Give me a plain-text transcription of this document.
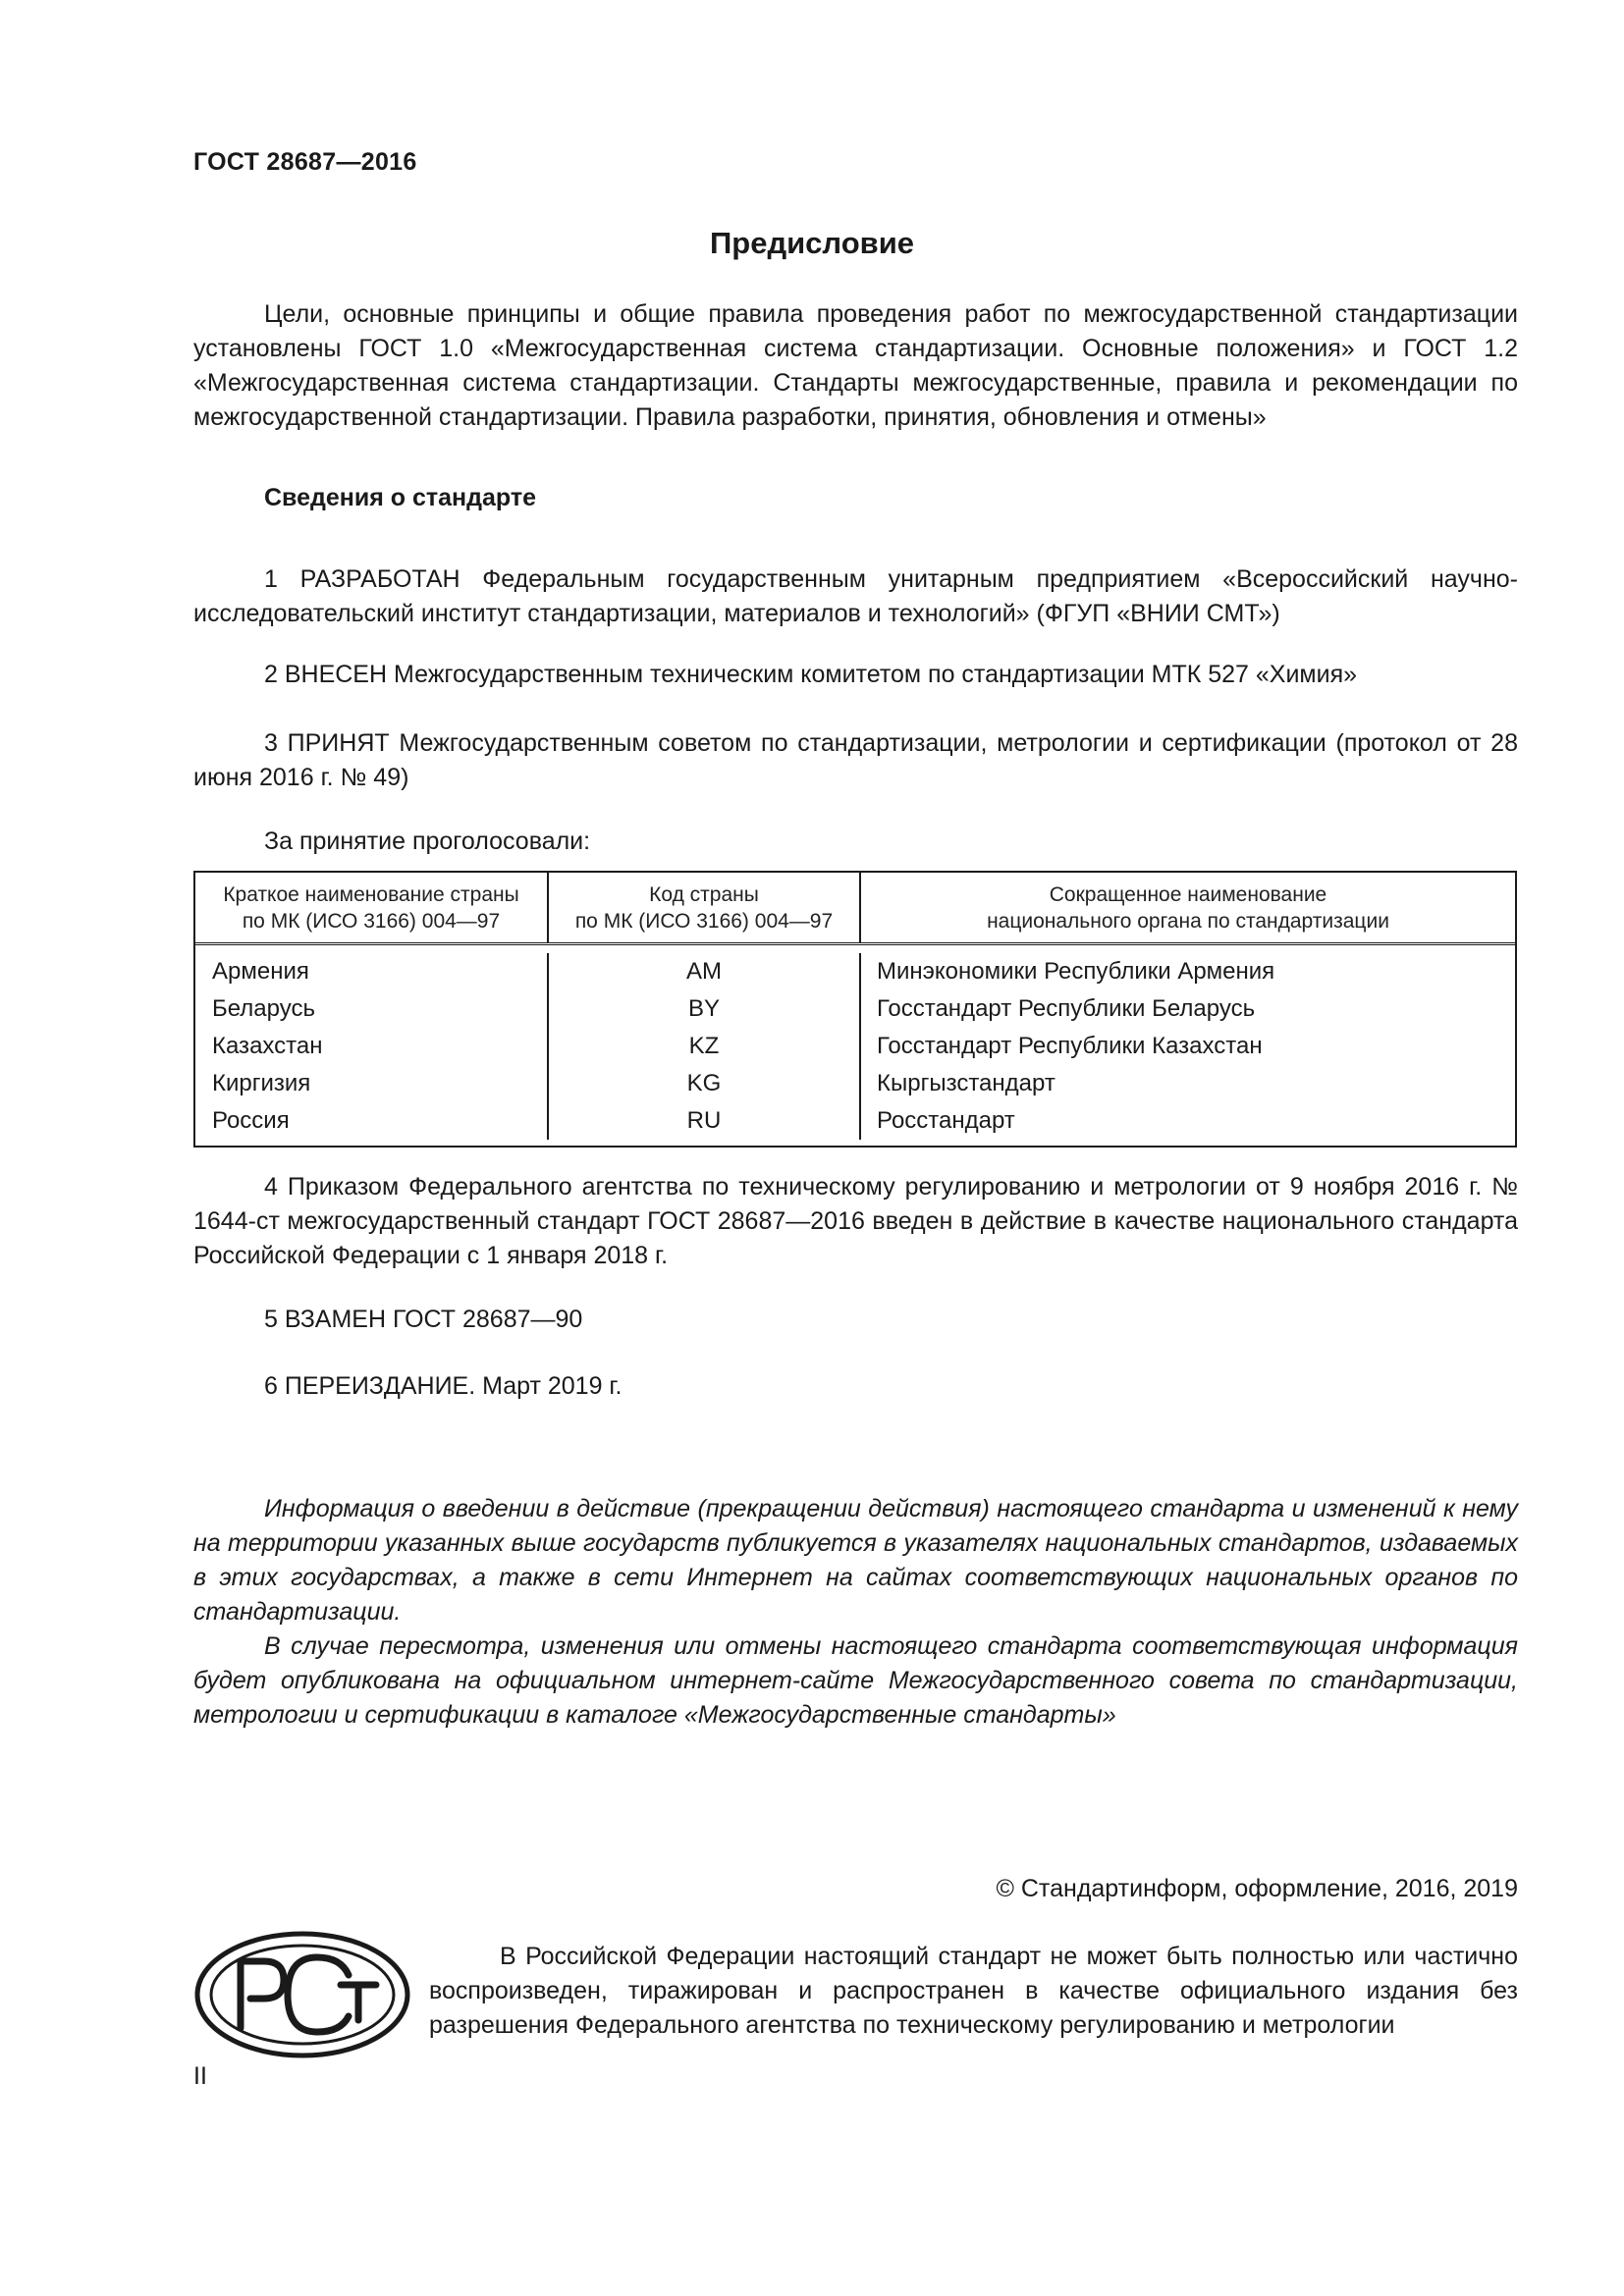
ГОСТ 28687—2016
Предисловие
Цели, основные принципы и общие правила проведения работ по межгосударственной стандартизации установлены ГОСТ 1.0 «Межгосударственная система стандартизации. Основные положения» и ГОСТ 1.2 «Межгосударственная система стандартизации. Стандарты межгосударственные, правила и рекомендации по межгосударственной стандартизации. Правила разработки, принятия, обновления и отмены»
Сведения о стандарте
1 РАЗРАБОТАН Федеральным государственным унитарным предприятием «Всероссийский научно-исследовательский институт стандартизации, материалов и технологий» (ФГУП «ВНИИ СМТ»)
2 ВНЕСЕН Межгосударственным техническим комитетом по стандартизации МТК 527 «Химия»
3 ПРИНЯТ Межгосударственным советом по стандартизации, метрологии и сертификации (протокол от 28 июня 2016 г. № 49)
За принятие проголосовали:
Краткое наименование страны
по МК (ИСО 3166) 004—97
Код страны
по МК (ИСО 3166) 004—97
Сокращенное наименование
национального органа по стандартизации
Армения
Беларусь
Казахстан
Киргизия
Россия
AM
BY
KZ
KG
RU
Минэкономики Республики Армения
Госстандарт Республики Беларусь
Госстандарт Республики Казахстан
Кыргызстандарт
Росстандарт
4 Приказом Федерального агентства по техническому регулированию и метрологии от 9 ноября 2016 г. № 1644-ст межгосударственный стандарт ГОСТ 28687—2016 введен в действие в качестве национального стандарта Российской Федерации с 1 января 2018 г.
5 ВЗАМЕН ГОСТ 28687—90
6 ПЕРЕИЗДАНИЕ. Март 2019 г.
Информация о введении в действие (прекращении действия) настоящего стандарта и изменений к нему на территории указанных выше государств публикуется в указателях национальных стандартов, издаваемых в этих государствах, а также в сети Интернет на сайтах соответствующих национальных органов по стандартизации.
В случае пересмотра, изменения или отмены настоящего стандарта соответствующая информация будет опубликована на официальном интернет-сайте Межгосударственного совета по стандартизации, метрологии и сертификации в каталоге «Межгосударственные стандарты»
© Стандартинформ, оформление, 2016, 2019
В Российской Федерации настоящий стандарт не может быть полностью или частично воспроизведен, тиражирован и распространен в качестве официального издания без разрешения Федерального агентства по техническому регулированию и метрологии
II
